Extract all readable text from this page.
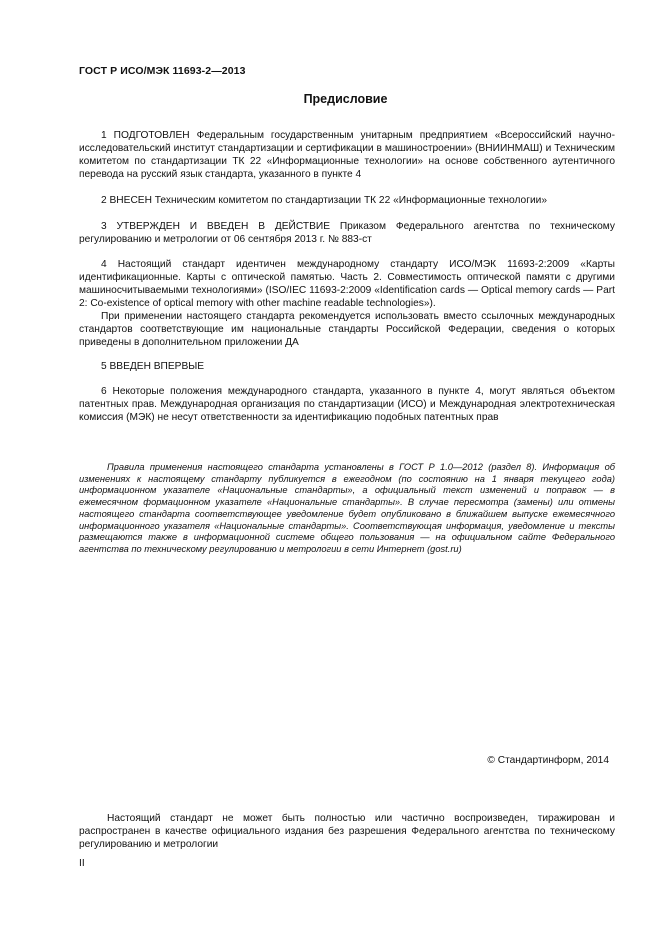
ГОСТ Р ИСО/МЭК 11693-2—2013
Предисловие

1 ПОДГОТОВЛЕН Федеральным государственным унитарным предприятием «Всероссийский научно-исследовательский институт стандартизации и сертификации в машиностроении» (ВНИИНМАШ) и Техническим комитетом по стандартизации ТК 22 «Информационные технологии» на основе собственного аутентичного перевода на русский язык стандарта, указанного в пункте 4

2 ВНЕСЕН Техническим комитетом по стандартизации ТК 22 «Информационные технологии»

3 УТВЕРЖДЕН И ВВЕДЕН В ДЕЙСТВИЕ Приказом Федерального агентства по техническому регулированию и метрологии от 06 сентября 2013 г. № 883-ст

4 Настоящий стандарт идентичен международному стандарту ИСО/МЭК 11693-2:2009 «Карты идентификационные. Карты с оптической памятью. Часть 2. Совместимость оптической памяти с другими машиносчитываемыми технологиями» (ISO/IEC 11693-2:2009 «Identification cards — Optical memory cards — Part 2: Co-existence of optical memory with other machine readable technologies»).

При применении настоящего стандарта рекомендуется использовать вместо ссылочных международных стандартов соответствующие им национальные стандарты Российской Федерации, сведения о которых приведены в дополнительном приложении ДА

5 ВВЕДЕН ВПЕРВЫЕ

6 Некоторые положения международного стандарта, указанного в пункте 4, могут являться объектом патентных прав. Международная организация по стандартизации (ИСО) и Международная электротехническая комиссия (МЭК) не несут ответственности за идентификацию подобных патентных прав

Правила применения настоящего стандарта установлены в ГОСТ Р 1.0—2012 (раздел 8). Информация об изменениях к настоящему стандарту публикуется в ежегодном (по состоянию на 1 января текущего года) информационном указателе «Национальные стандарты», а официальный текст изменений и поправок — в ежемесячном формационном указателе «Национальные стандарты». В случае пересмотра (замены) или отмены настоящего стандарта соответствующее уведомление будет опубликовано в ближайшем выпуске ежемесячного информационного указателя «Национальные стандарты». Соответствующая информация, уведомление и тексты размещаются также в информационной системе общего пользования — на официальном сайте Федерального агентства по техническому регулированию и метрологии в сети Интернет (gost.ru)

© Стандартинформ, 2014

Настоящий стандарт не может быть полностью или частично воспроизведен, тиражирован и распространен в качестве официального издания без разрешения Федерального агентства по техническому регулированию и метрологии

II
